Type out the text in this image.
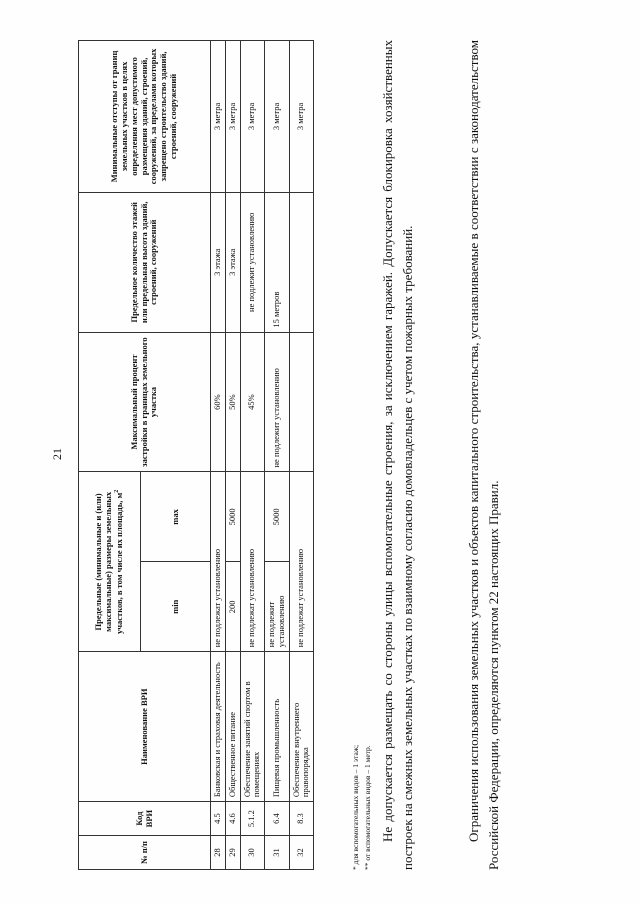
21
№ п/п	Код ВРИ	Наименование ВРИ	Предельные (минимальные и (или) максимальные) размеры земельных участков, в том числе их площадь, $м^2$		Максимальный процент застройки в границах земельного участка	Предельное количество этажей или предельная высота зданий, строений, сооружений	Минимальные отступы от границ земельных участков в целях определения мест допустимого размещения зданий, строений, сооружений, за пределами которых запрещено строительство зданий, строений, сооружений
			min	max			
28	4.5	Банковская и страховая деятельность	не подлежат установлению		60%	3 этажа	3 метра
29	4.6	Общественное питание	200	5000	50%	3 этажа	3 метра
30	5.1.2	Обеспечение занятий спортом в помещениях	не подлежат установлению		45%	не подлежит установлению	3 метра
31	6.4	Пищевая промышленность	не подлежит установлению	5000	не подлежит установлению	15 метров	3 метра
32	8.3	Обеспечение внутреннего правопорядка	не подлежат установлению				3 метра
* для вспомогательных видов – 1 этаж; ** от вспомогательных видов – 1 метр. Не допускается размещать со стороны улицы вспомогательные строения, за исключением гаражей. Допускается блокировка хозяйственных построек на смежных земельных участках по взаимному согласию домовладельцев с учетом пожарных требований.	Ограничения использования земельных участков и объектов капитального строительства, устанавливаемые в соответствии с законодательством Российской Федерации, определяются пунктом 22 настоящих Правил.
